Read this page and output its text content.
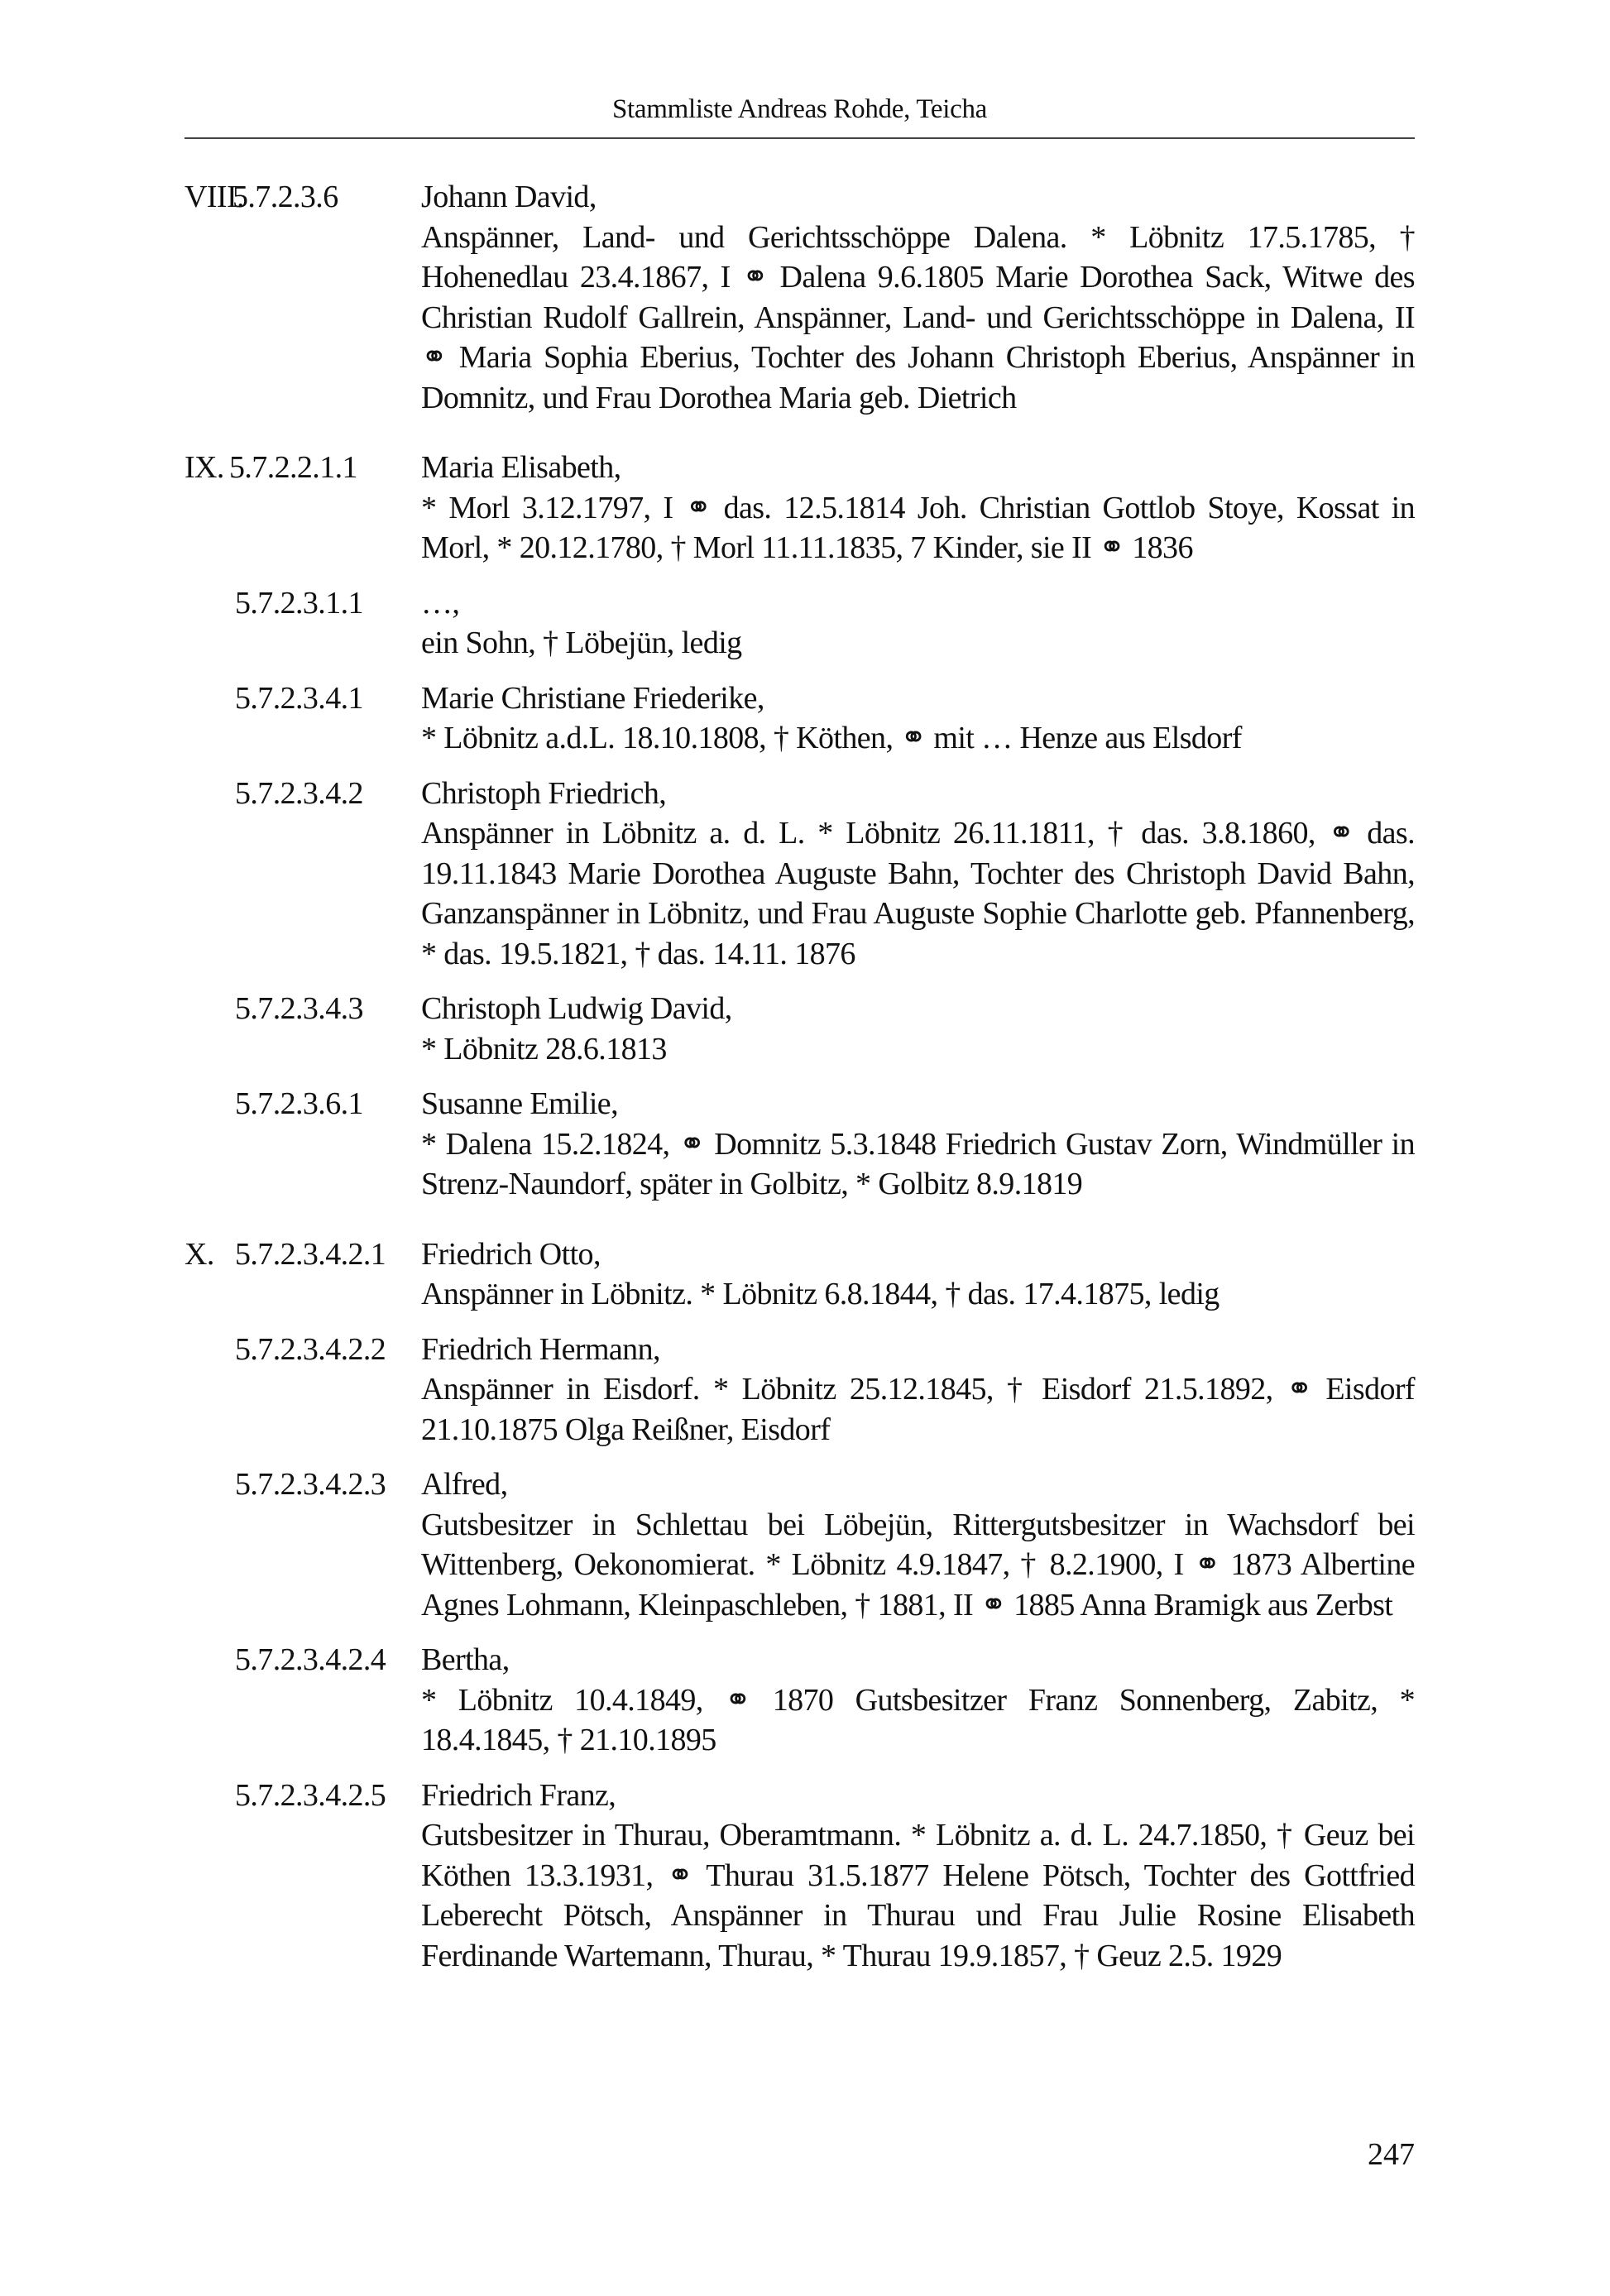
Stammliste Andreas Rohde, Teicha
VIII.
5.7.2.3.6	Johann David,
Anspänner, Land- und Gerichtsschöppe Dalena. * Löbnitz 17.5.1785, † Hohenedlau 23.4.1867, I ⚭ Dalena 9.6.1805 Marie Dorothea Sack, Witwe des Christian Rudolf Gallrein, Anspänner, Land- und Gerichtsschöppe in Dalena, II ⚭ Maria Sophia Eberius, Tochter des Johann Christoph Eberius, Anspänner in Domnitz, und Frau Dorothea Maria geb. Dietrich
IX. 5.7.2.2.1.1 Maria Elisabeth,
* Morl 3.12.1797, I ⚭ das. 12.5.1814 Joh. Christian Gottlob Stoye, Kossat in Morl, * 20.12.1780, † Morl 11.11.1835, 7 Kinder, sie II ⚭ 1836
5.7.2.3.1.1 …,
ein Sohn, † Löbejün, ledig
5.7.2.3.4.1 Marie Christiane Friederike,
* Löbnitz a.d.L. 18.10.1808, † Köthen, ⚭ mit … Henze aus Elsdorf
5.7.2.3.4.2 Christoph Friedrich,
Anspänner in Löbnitz a. d. L. * Löbnitz 26.11.1811, † das. 3.8.1860, ⚭ das. 19.11.1843 Marie Dorothea Auguste Bahn, Tochter des Christoph David Bahn, Ganzanspänner in Löbnitz, und Frau Auguste Sophie Charlotte geb. Pfannenberg, * das. 19.5.1821, † das. 14.11. 1876
5.7.2.3.4.3 Christoph Ludwig David,
* Löbnitz 28.6.1813
5.7.2.3.6.1 Susanne Emilie,
* Dalena 15.2.1824, ⚭ Domnitz 5.3.1848 Friedrich Gustav Zorn, Windmüller in Strenz-Naundorf, später in Golbitz, * Golbitz 8.9.1819
X. 5.7.2.3.4.2.1 Friedrich Otto,
Anspänner in Löbnitz. * Löbnitz 6.8.1844, † das. 17.4.1875, ledig
5.7.2.3.4.2.2 Friedrich Hermann,
Anspänner in Eisdorf. * Löbnitz 25.12.1845, † Eisdorf 21.5.1892, ⚭ Eisdorf 21.10.1875 Olga Reißner, Eisdorf
5.7.2.3.4.2.3 Alfred,
Gutsbesitzer in Schlettau bei Löbejün, Rittergutsbesitzer in Wachsdorf bei Wittenberg, Oekonomierat. * Löbnitz 4.9.1847, † 8.2.1900, I ⚭ 1873 Albertine Agnes Lohmann, Kleinpaschleben, † 1881, II ⚭ 1885 Anna Bramigk aus Zerbst
5.7.2.3.4.2.4 Bertha,
* Löbnitz 10.4.1849, ⚭ 1870 Gutsbesitzer Franz Sonnenberg, Zabitz, * 18.4.1845, † 21.10.1895
5.7.2.3.4.2.5 Friedrich Franz,
Gutsbesitzer in Thurau, Oberamtmann. * Löbnitz a. d. L. 24.7.1850, † Geuz bei Köthen 13.3.1931, ⚭ Thurau 31.5.1877 Helene Pötsch, Tochter des Gottfried Leberecht Pötsch, Anspänner in Thurau und Frau Julie Rosine Elisabeth Ferdinande Wartemann, Thurau, * Thurau 19.9.1857, † Geuz 2.5. 1929
247
